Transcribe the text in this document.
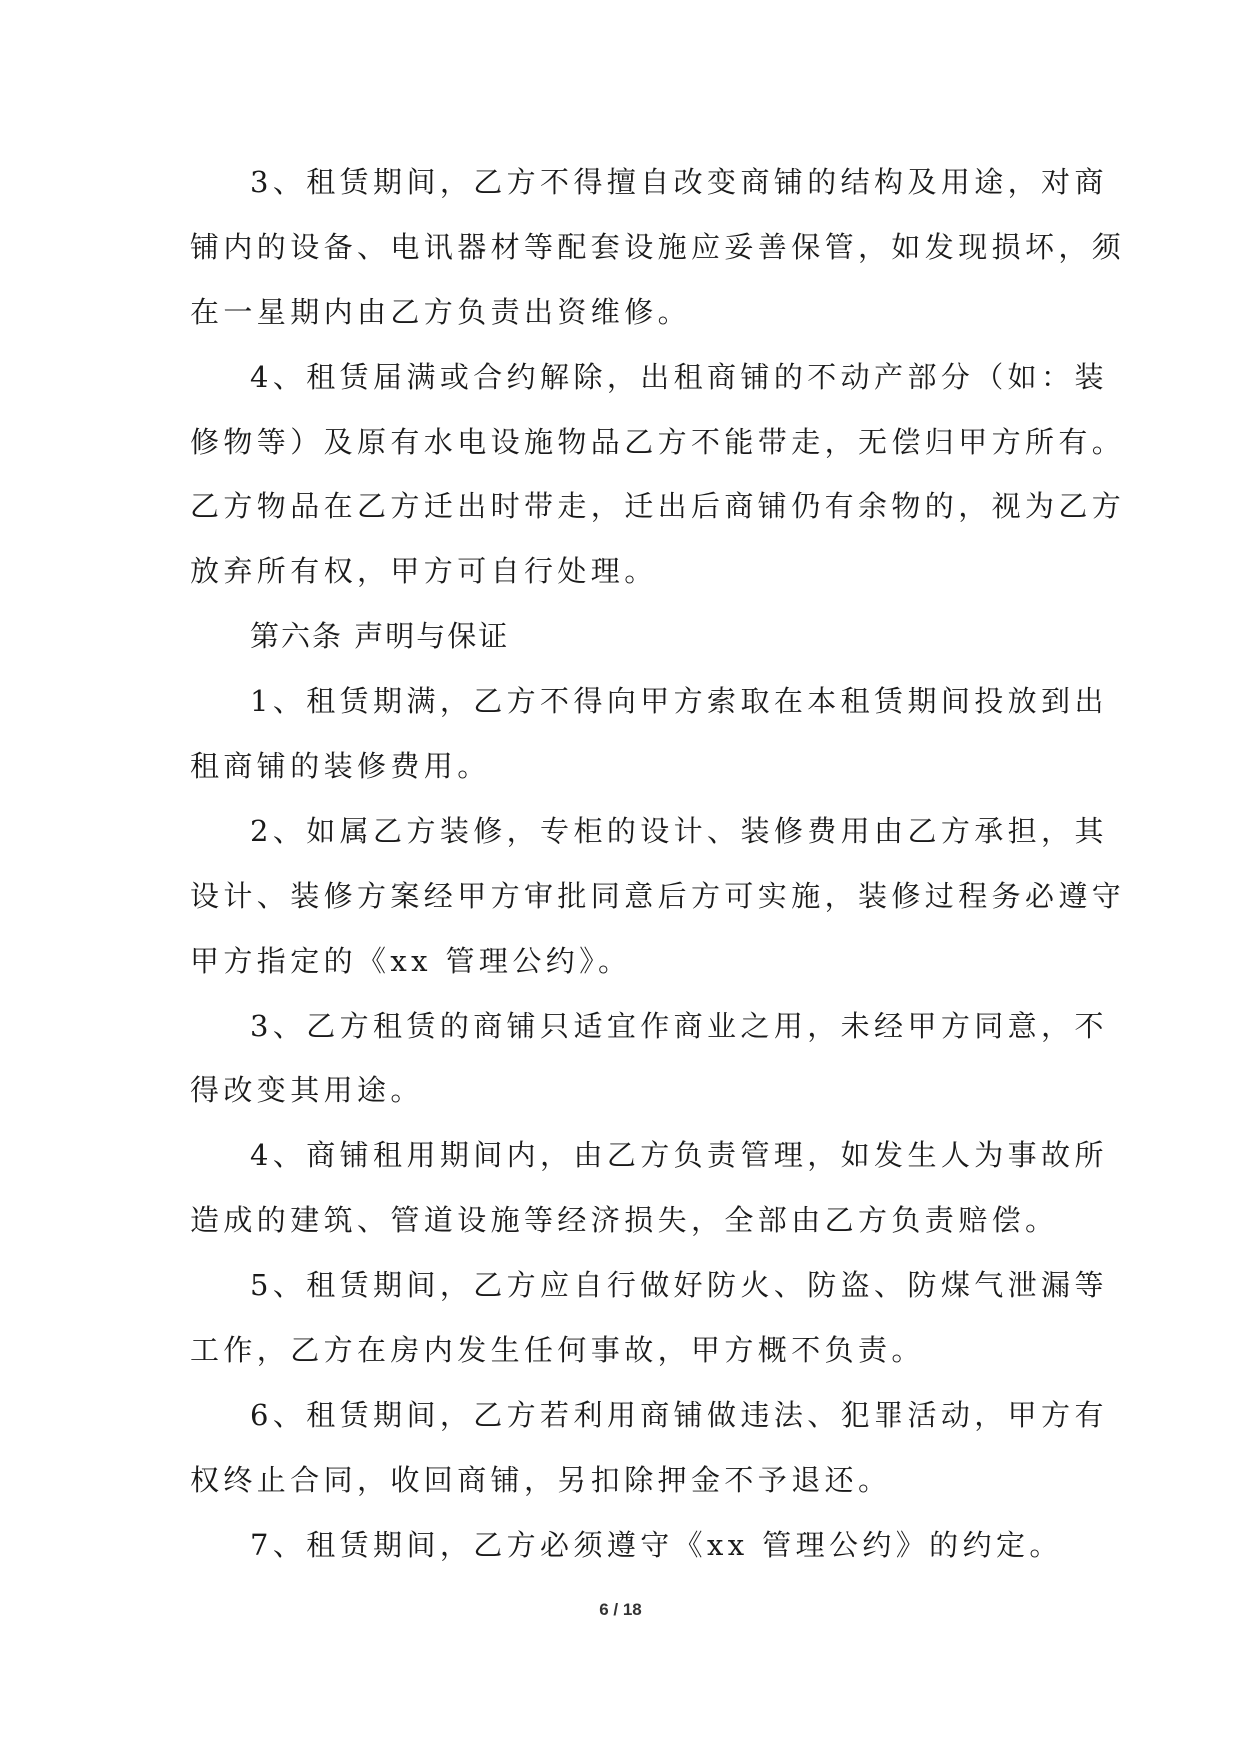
3、租赁期间，乙方不得擅自改变商铺的结构及用途，对商
铺内的设备、电讯器材等配套设施应妥善保管，如发现损坏，须
在一星期内由乙方负责出资维修。
4、租赁届满或合约解除，出租商铺的不动产部分（如：装
修物等）及原有水电设施物品乙方不能带走，无偿归甲方所有。
乙方物品在乙方迁出时带走，迁出后商铺仍有余物的，视为乙方
放弃所有权，甲方可自行处理。
第六条 声明与保证
1、租赁期满，乙方不得向甲方索取在本租赁期间投放到出
租商铺的装修费用。
2、如属乙方装修，专柜的设计、装修费用由乙方承担，其
设计、装修方案经甲方审批同意后方可实施，装修过程务必遵守
甲方指定的《xx 管理公约》。
3、乙方租赁的商铺只适宜作商业之用，未经甲方同意，不
得改变其用途。
4、商铺租用期间内，由乙方负责管理，如发生人为事故所
造成的建筑、管道设施等经济损失，全部由乙方负责赔偿。
5、租赁期间，乙方应自行做好防火、防盗、防煤气泄漏等
工作，乙方在房内发生任何事故，甲方概不负责。
6、租赁期间，乙方若利用商铺做违法、犯罪活动，甲方有
权终止合同，收回商铺，另扣除押金不予退还。
7、租赁期间，乙方必须遵守《xx 管理公约》的约定。
6 / 18
